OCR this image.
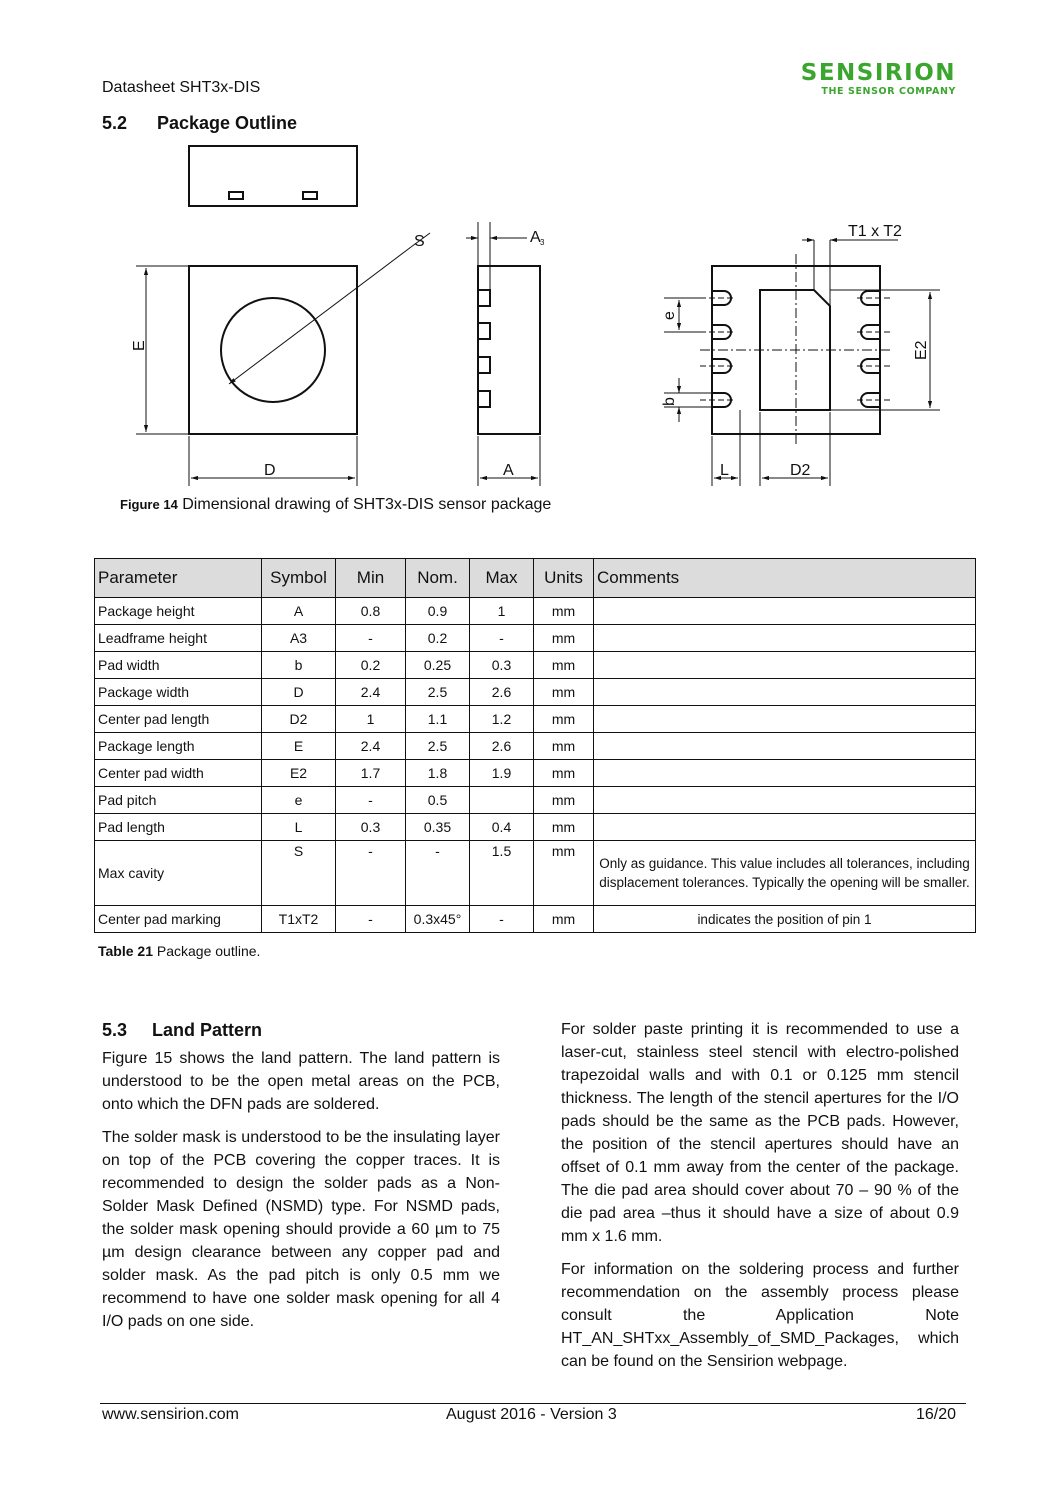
Datasheet SHT3x-DIS
SENSIRION
THE SENSOR COMPANY
5.2 Package Outline
S	A 3
E
D	A
T1 x T2
e
b
E2
L	D2
Figure 14 Dimensional drawing of SHT3x-DIS sensor package
Parameter	Symbol	Min	Nom.	Max	Units	Comments
Package height	A	0.8	0.9	1	mm	
Leadframe height	A3	-	0.2	-	mm	
Pad width	b	0.2	0.25	0.3	mm	
Package width	D	2.4	2.5	2.6	mm	
Center pad length	D2	1	1.1	1.2	mm	
Package length	E	2.4	2.5	2.6	mm	
Center pad width	E2	1.7	1.8	1.9	mm	
Pad pitch	e	-	0.5		mm	
Pad length	L	0.3	0.35	0.4	mm	
Max cavity	S	-	-	1.5	mm	Only as guidance. This value includes all tolerances, including displacement tolerances. Typically the opening will be smaller.
Center pad marking	T1xT2	-	0.3x45°	-	mm	indicates the position of pin 1
Table 21 Package outline.
5.3 Land Pattern

Figure 15 shows the land pattern. The land pattern is understood to be the open metal areas on the PCB, onto which the DFN pads are soldered.

The solder mask is understood to be the insulating layer on top of the PCB covering the copper traces. It is recommended to design the solder pads as a Non-Solder Mask Defined (NSMD) type. For NSMD pads, the solder mask opening should provide a 60 µm to 75 µm design clearance between any copper pad and solder mask. As the pad pitch is only 0.5 mm we recommend to have one solder mask opening for all 4 I/O pads on one side.

For solder paste printing it is recommended to use a laser-cut, stainless steel stencil with electro-polished trapezoidal walls and with 0.1 or 0.125 mm stencil thickness. The length of the stencil apertures for the I/O pads should be the same as the PCB pads. However, the position of the stencil apertures should have an offset of 0.1 mm away from the center of the package. The die pad area should cover about 70 – 90 % of the die pad area –thus it should have a size of about 0.9 mm x 1.6 mm.

For information on the soldering process and further recommendation on the assembly process please consult the Application Note HT_AN_SHTxx_Assembly_of_SMD_Packages, which can be found on the Sensirion webpage.

www.sensirion.com	August 2016 - Version 3	16/20
